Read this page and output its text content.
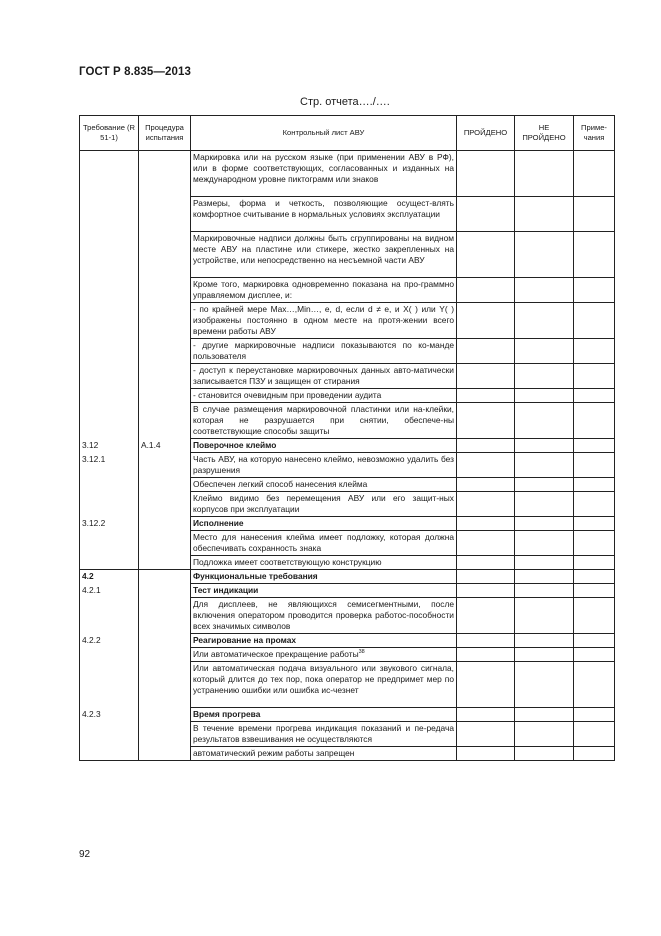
ГОСТ Р 8.835—2013
Стр. отчета…./….
Требование (R 51-1)	Процедура испытания	Контрольный лист АВУ	ПРОЙДЕНО	НЕ ПРОЙДЕНО	Приме-чания
		Маркировка или на русском языке (при применении АВУ в РФ), или в форме соответствующих, согласованных и изданных на международном уровне пиктограмм или знаков			
		Размеры, форма и четкость, позволяющие осущест-влять комфортное считывание в нормальных условиях эксплуатации			
		Маркировочные надписи должны быть сгруппированы на видном месте АВУ на пластине или стикере, жестко закрепленных на устройстве, или непосредственно на несъемной части АВУ			
		Кроме того, маркировка одновременно показана на про-граммно управляемом дисплее, и:			
		- по крайней мере Max…,Min…, e, d, если d ≠ e, и X( ) или Y( ) изображены постоянно в одном месте на протя-жении всего времени работы АВУ			
		- другие маркировочные надписи показываются по ко-манде пользователя			
		- доступ к переустановке маркировочных данных авто-матически записывается ПЗУ и защищен от стирания			
		- становится очевидным при проведении аудита			
		В случае размещения маркировочной пластинки или на-клейки, которая не разрушается при снятии, обеспече-ны соответствующие способы защиты			
3.12	A.1.4	Поверочное клеймо			
3.12.1		Часть АВУ, на которую нанесено клеймо, невозможно удалить без разрушения			
		Обеспечен легкий способ нанесения клейма			
		Клеймо видимо без перемещения АВУ или его защит-ных корпусов при эксплуатации			
3.12.2		Исполнение			
		Место для нанесения клейма имеет подложку, которая должна обеспечивать сохранность знака			
		Подложка имеет соответствующую конструкцию			
4.2		Функциональные требования			
4.2.1		Тест индикации			
		Для дисплеев, не являющихся семисегментными, после включения оператором проводится проверка работос-пособности всех значимых символов			
4.2.2		Реагирование на промах			
		Или автоматическое прекращение работы$^{38}$			
		Или автоматическая подача визуального или звукового сигнала, который длится до тех пор, пока оператор не предпримет мер по устранению ошибки или ошибка ис-чезнет			
4.2.3		Время прогрева			
		В течение времени прогрева индикация показаний и пе-редача результатов взвешивания не осуществляются			
		автоматический режим работы запрещен			
92
